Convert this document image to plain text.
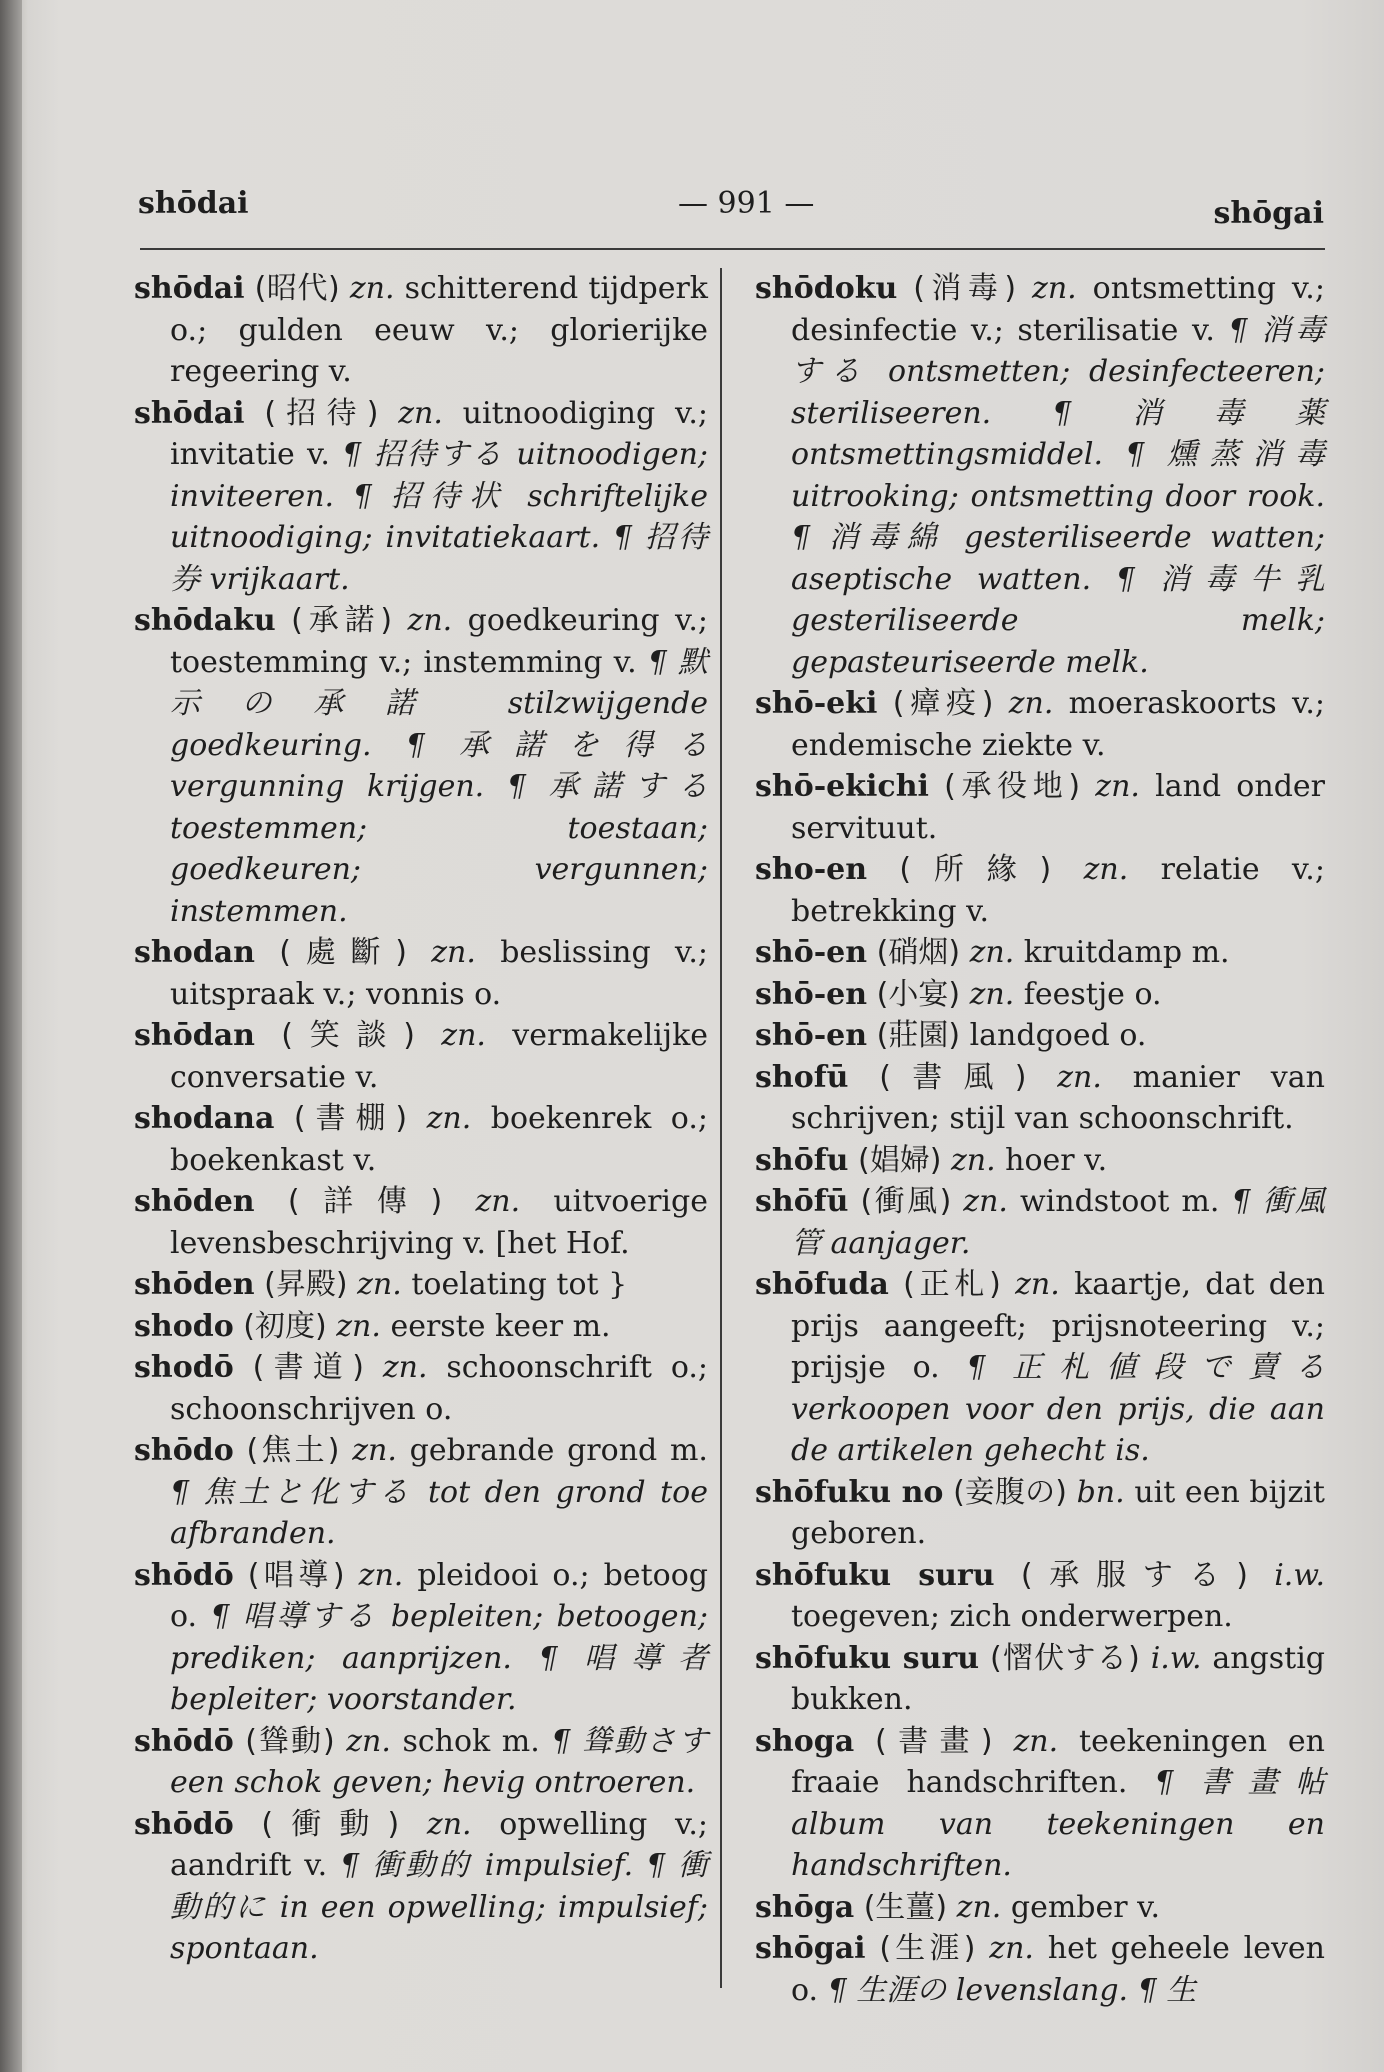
shōdai	— 991 —	shōgai

shōdai (昭代) zn. schitterend tijdperk o.; gulden eeuw v.; glorierijke regeering v.

shōdai (招待) zn. uitnoodiging v.; invitatie v. ¶ 招待する uitnoodigen; inviteeren. ¶ 招待状 schriftelijke uitnoodiging; invitatiekaart. ¶ 招待券 vrijkaart.

shōdaku (承諾) zn. goedkeuring v.; toestemming v.; instemming v. ¶ 默示の承諾 stilzwijgende goedkeuring. ¶ 承諾を得る vergunning krijgen. ¶ 承諾する toestemmen; toestaan; goedkeuren; vergunnen; instemmen.

shodan (處斷) zn. beslissing v.; uitspraak v.; vonnis o.

shōdan (笑談) zn. vermakelijke conversatie v.

shodana (書棚) zn. boekenrek o.; boekenkast v.

shōden (詳傳) zn. uitvoerige levensbeschrijving v. [het Hof.

shōden (昇殿) zn. toelating tot }

shodo (初度) zn. eerste keer m.

shodō (書道) zn. schoonschrift o.; schoonschrijven o.

shōdo (焦土) zn. gebrande grond m. ¶ 焦土と化する tot den grond toe afbranden.

shōdō (唱導) zn. pleidooi o.; betoog o. ¶ 唱導する bepleiten; betoogen; prediken; aanprijzen. ¶ 唱導者 bepleiter; voorstander.

shōdō (聳動) zn. schok m. ¶ 聳動さす een schok geven; hevig ontroeren.

shōdō (衝動) zn. opwelling v.; aandrift v. ¶ 衝動的 impulsief. ¶ 衝動的に in een opwelling; impulsief; spontaan.

shōdoku (消毒) zn. ontsmetting v.; desinfectie v.; sterilisatie v. ¶ 消毒する ontsmetten; desinfecteeren; steriliseeren. ¶ 消毒薬 ontsmettingsmiddel. ¶ 燻蒸消毒 uitrooking; ontsmetting door rook. ¶ 消毒綿 gesteriliseerde watten; aseptische watten. ¶ 消毒牛乳 gesteriliseerde melk; gepasteuriseerde melk.

shō-eki (瘴疫) zn. moeraskoorts v.; endemische ziekte v.

shō-ekichi (承役地) zn. land onder servituut.

sho-en (所緣) zn. relatie v.; betrekking v.

shō-en (硝烟) zn. kruitdamp m.

shō-en (小宴) zn. feestje o.

shō-en (莊園) landgoed o.

shofū (書風) zn. manier van schrijven; stijl van schoonschrift.

shōfu (娼婦) zn. hoer v.

shōfū (衝風) zn. windstoot m. ¶ 衝風管 aanjager.

shōfuda (正札) zn. kaartje, dat den prijs aangeeft; prijsnoteering v.; prijsje o. ¶ 正札値段で賣る verkoopen voor den prijs, die aan de artikelen gehecht is.

shōfuku no (妾腹の) bn. uit een bijzit geboren.

shōfuku suru (承服する) i.w. toegeven; zich onderwerpen.

shōfuku suru (慴伏する) i.w. angstig bukken.

shoga (書畫) zn. teekeningen en fraaie handschriften. ¶ 書畫帖 album van teekeningen en handschriften.

shōga (生薑) zn. gember v.

shōgai (生涯) zn. het geheele leven o. ¶ 生涯の levenslang. ¶ 生
